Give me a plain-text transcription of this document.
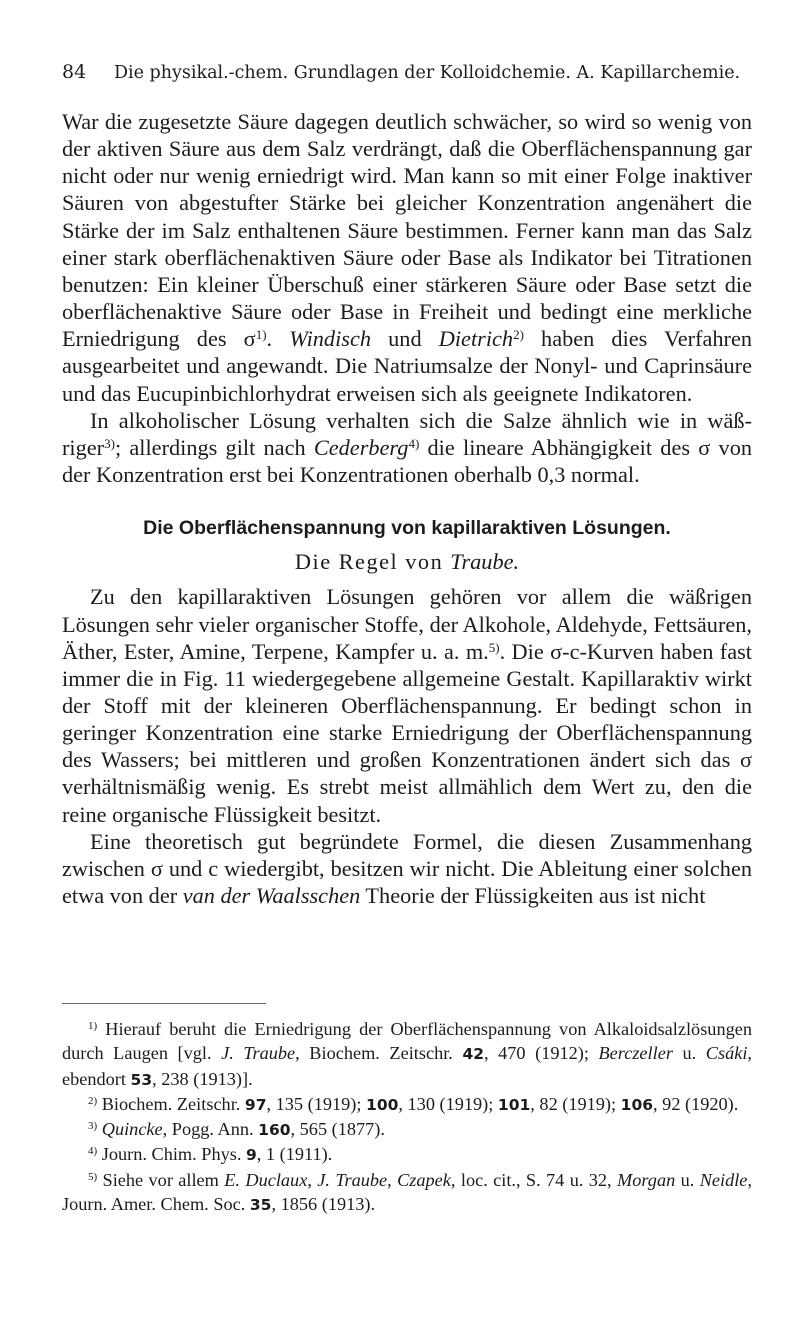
84 Die physikal.-chem. Grundlagen der Kolloidchemie. A. Kapillarchemie.

War die zugesetzte Säure dagegen deutlich schwächer, so wird so wenig von der aktiven Säure aus dem Salz verdrängt, daß die Oberflächenspannung gar nicht oder nur wenig erniedrigt wird. Man kann so mit einer Folge inaktiver Säuren von abgestufter Stärke bei gleicher Konzentration angenähert die Stärke der im Salz enthaltenen Säure bestimmen. Ferner kann man das Salz einer stark oberflächenaktiven Säure oder Base als Indikator bei Titrationen benutzen: Ein kleiner Überschuß einer stärkeren Säure oder Base setzt die oberflächenaktive Säure oder Base in Freiheit und bedingt eine merkliche Erniedrigung des $\sigma^{1)}$. Windisch und Dietrich$^{2)}$ haben dies Verfahren ausgearbeitet und angewandt. Die Natriumsalze der Nonyl- und Caprinsäure und das Eucupinbichlorhydrat erweisen sich als geeignete Indikatoren.

In alkoholischer Lösung verhalten sich die Salze ähnlich wie in wäßriger$^{3)}$; allerdings gilt nach Cederberg$^{4)}$ die lineare Abhängigkeit des σ von der Konzentration erst bei Konzentrationen oberhalb 0,3 normal.

Die Oberflächenspannung von kapillaraktiven Lösungen.
Die Regel von Traube.

Zu den kapillaraktiven Lösungen gehören vor allem die wäßrigen Lösungen sehr vieler organischer Stoffe, der Alkohole, Aldehyde, Fettsäuren, Äther, Ester, Amine, Terpene, Kampfer u. a. m.$^{5)}$. Die σ-c-Kurven haben fast immer die in Fig. 11 wiedergegebene allgemeine Gestalt. Kapillaraktiv wirkt der Stoff mit der kleineren Oberflächenspannung. Er bedingt schon in geringer Konzentration eine starke Erniedrigung der Oberflächenspannung des Wassers; bei mittleren und großen Konzentrationen ändert sich das σ verhältnismäßig wenig. Es strebt meist allmählich dem Wert zu, den die reine organische Flüssigkeit besitzt.

Eine theoretisch gut begründete Formel, die diesen Zusammenhang zwischen σ und c wiedergibt, besitzen wir nicht. Die Ableitung einer solchen etwa von der van der Waalsschen Theorie der Flüssigkeiten aus ist nicht

$^{1)}$ Hierauf beruht die Erniedrigung der Oberflächenspannung von Alkaloidsalzlösungen durch Laugen [vgl. J. Traube, Biochem. Zeitschr. 42, 470 (1912); Berczeller u. Csáki, ebendort 53, 238 (1913)].

$^{2)}$ Biochem. Zeitschr. 97, 135 (1919); 100, 130 (1919); 101, 82 (1919); 106, 92 (1920).

$^{3)}$ Quincke, Pogg. Ann. 160, 565 (1877).

$^{4)}$ Journ. Chim. Phys. 9, 1 (1911).

$^{5)}$ Siehe vor allem E. Duclaux, J. Traube, Czapek, loc. cit., S. 74 u. 32, Morgan u. Neidle, Journ. Amer. Chem. Soc. 35, 1856 (1913).
